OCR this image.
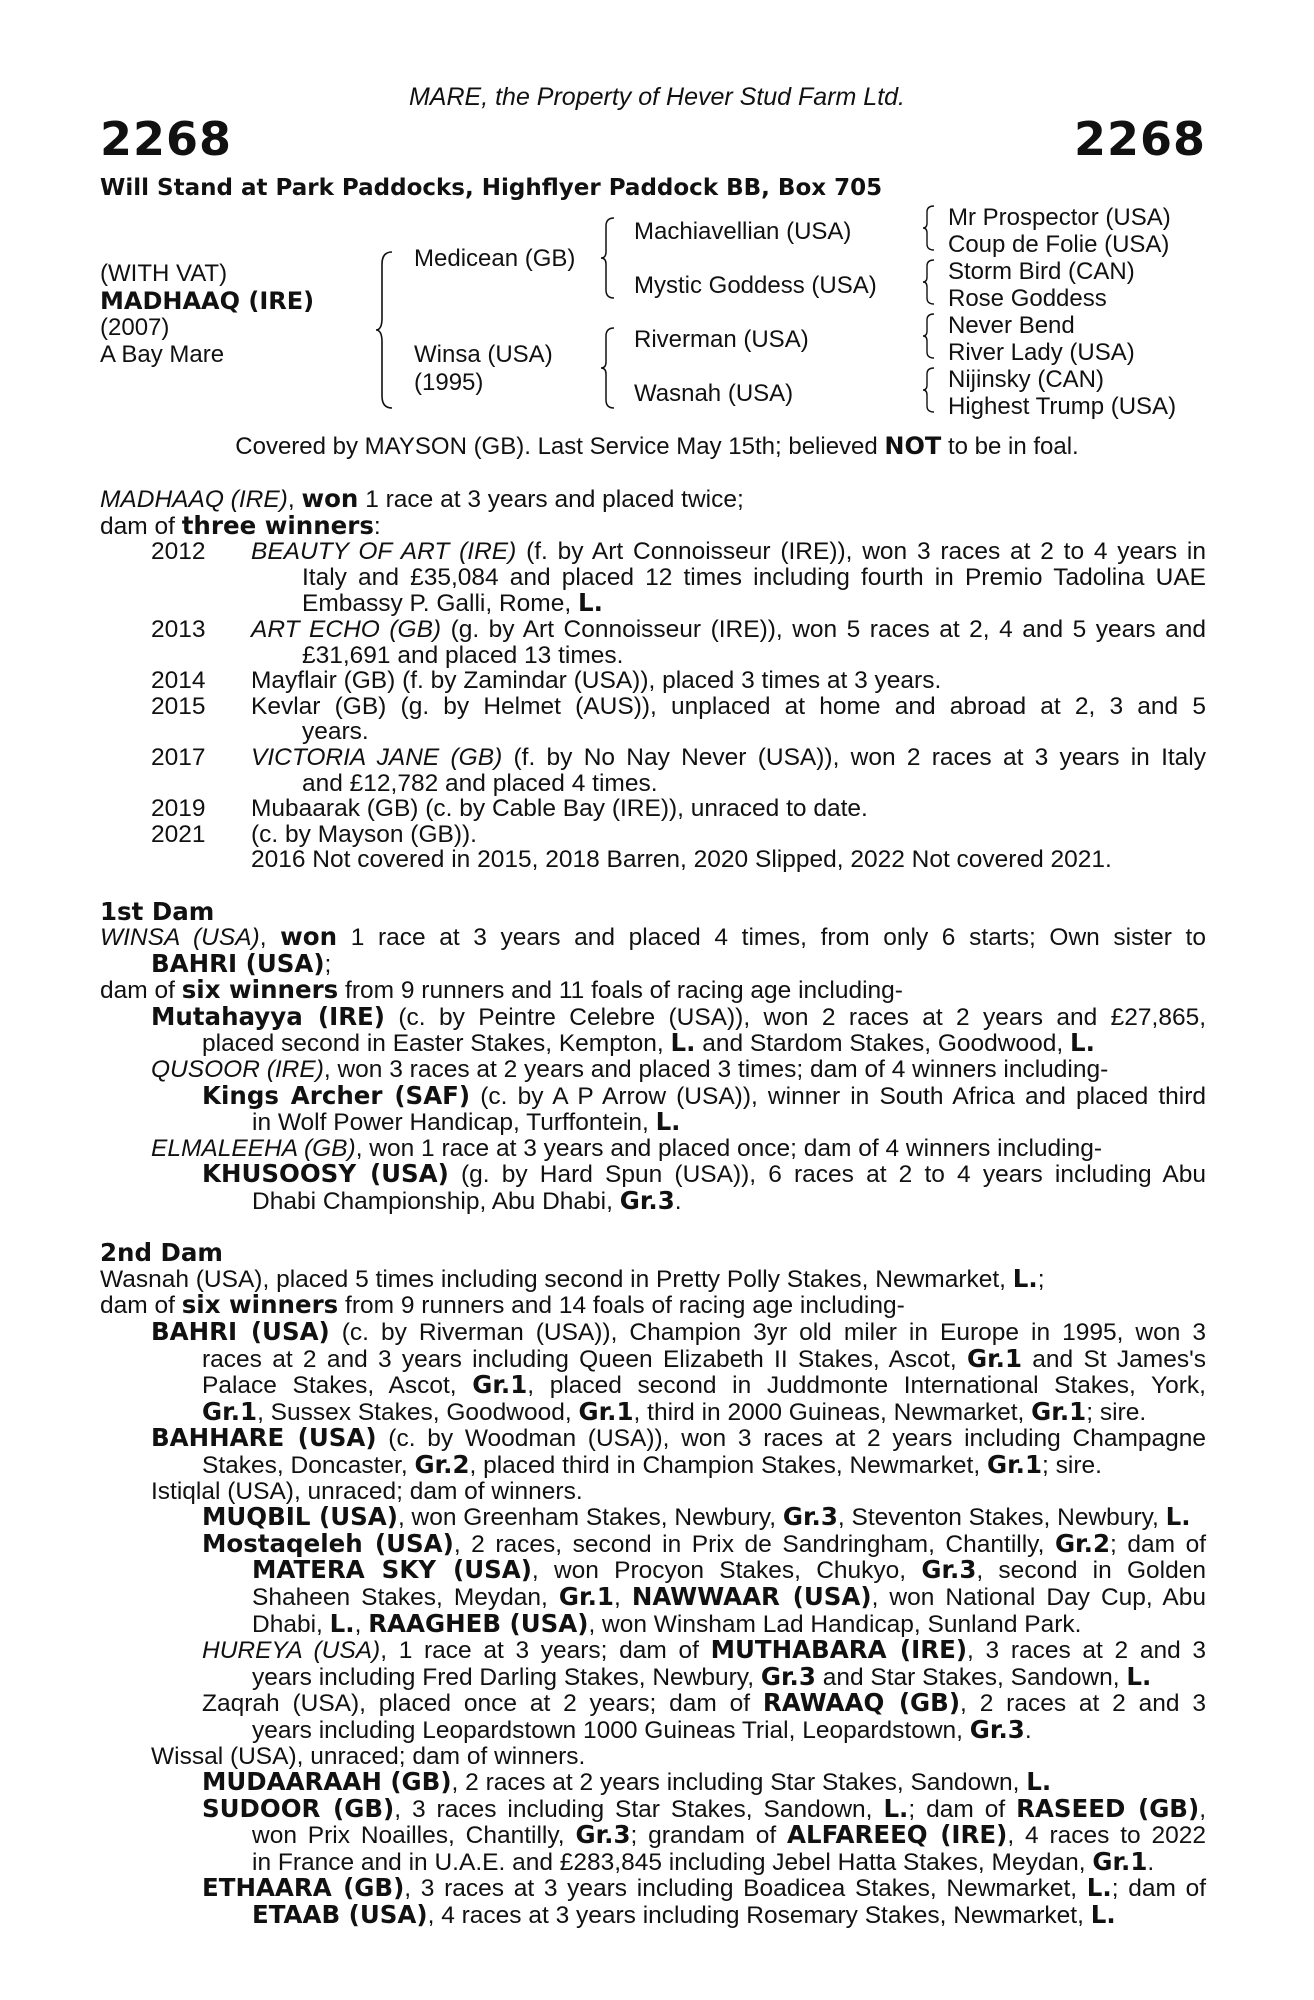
MARE, the Property of Hever Stud Farm Ltd.
2268	2268
Will Stand at Park Paddocks, Highflyer Paddock BB, Box 705
(WITH VAT)
MADHAAQ (IRE)
(2007)
A Bay Mare
Medicean (GB)
Winsa (USA)
(1995)
Machiavellian (USA)
Mystic Goddess (USA)
Riverman (USA)
Wasnah (USA)
Mr Prospector (USA)
Coup de Folie (USA)
Storm Bird (CAN)
Rose Goddess
Never Bend
River Lady (USA)
Nijinsky (CAN)
Highest Trump (USA)
Covered by MAYSON (GB). Last Service May 15th; believed NOT to be in foal.
MADHAAQ (IRE), won 1 race at 3 years and placed twice;
dam of three winners:
2012 BEAUTY OF ART (IRE) (f. by Art Connoisseur (IRE)), won 3 races at 2 to 4 years in
Italy and £35,084 and placed 12 times including fourth in Premio Tadolina UAE
Embassy P. Galli, Rome, L.
2013 ART ECHO (GB) (g. by Art Connoisseur (IRE)), won 5 races at 2, 4 and 5 years and
£31,691 and placed 13 times.
2014 Mayflair (GB) (f. by Zamindar (USA)), placed 3 times at 3 years.
2015 Kevlar (GB) (g. by Helmet (AUS)), unplaced at home and abroad at 2, 3 and 5
years.
2017 VICTORIA JANE (GB) (f. by No Nay Never (USA)), won 2 races at 3 years in Italy
and £12,782 and placed 4 times.
2019 Mubaarak (GB) (c. by Cable Bay (IRE)), unraced to date.
2021 (c. by Mayson (GB)).
2016 Not covered in 2015, 2018 Barren, 2020 Slipped, 2022 Not covered 2021.
1st Dam
WINSA (USA), won 1 race at 3 years and placed 4 times, from only 6 starts; Own sister to
BAHRI (USA);
dam of six winners from 9 runners and 11 foals of racing age including-
Mutahayya (IRE) (c. by Peintre Celebre (USA)), won 2 races at 2 years and £27,865,
placed second in Easter Stakes, Kempton, L. and Stardom Stakes, Goodwood, L.
QUSOOR (IRE), won 3 races at 2 years and placed 3 times; dam of 4 winners including-
Kings Archer (SAF) (c. by A P Arrow (USA)), winner in South Africa and placed third
in Wolf Power Handicap, Turffontein, L.
ELMALEEHA (GB), won 1 race at 3 years and placed once; dam of 4 winners including-
KHUSOOSY (USA) (g. by Hard Spun (USA)), 6 races at 2 to 4 years including Abu
Dhabi Championship, Abu Dhabi, Gr.3.
2nd Dam
Wasnah (USA), placed 5 times including second in Pretty Polly Stakes, Newmarket, L.;
dam of six winners from 9 runners and 14 foals of racing age including-
BAHRI (USA) (c. by Riverman (USA)), Champion 3yr old miler in Europe in 1995, won 3
races at 2 and 3 years including Queen Elizabeth II Stakes, Ascot, Gr.1 and St James's
Palace Stakes, Ascot, Gr.1, placed second in Juddmonte International Stakes, York,
Gr.1, Sussex Stakes, Goodwood, Gr.1, third in 2000 Guineas, Newmarket, Gr.1; sire.
BAHHARE (USA) (c. by Woodman (USA)), won 3 races at 2 years including Champagne
Stakes, Doncaster, Gr.2, placed third in Champion Stakes, Newmarket, Gr.1; sire.
Istiqlal (USA), unraced; dam of winners.
MUQBIL (USA), won Greenham Stakes, Newbury, Gr.3, Steventon Stakes, Newbury, L.
Mostaqeleh (USA), 2 races, second in Prix de Sandringham, Chantilly, Gr.2; dam of
MATERA SKY (USA), won Procyon Stakes, Chukyo, Gr.3, second in Golden
Shaheen Stakes, Meydan, Gr.1, NAWWAAR (USA), won National Day Cup, Abu
Dhabi, L., RAAGHEB (USA), won Winsham Lad Handicap, Sunland Park.
HUREYA (USA), 1 race at 3 years; dam of MUTHABARA (IRE), 3 races at 2 and 3
years including Fred Darling Stakes, Newbury, Gr.3 and Star Stakes, Sandown, L.
Zaqrah (USA), placed once at 2 years; dam of RAWAAQ (GB), 2 races at 2 and 3
years including Leopardstown 1000 Guineas Trial, Leopardstown, Gr.3.
Wissal (USA), unraced; dam of winners.
MUDAARAAH (GB), 2 races at 2 years including Star Stakes, Sandown, L.
SUDOOR (GB), 3 races including Star Stakes, Sandown, L.; dam of RASEED (GB),
won Prix Noailles, Chantilly, Gr.3; grandam of ALFAREEQ (IRE), 4 races to 2022
in France and in U.A.E. and £283,845 including Jebel Hatta Stakes, Meydan, Gr.1.
ETHAARA (GB), 3 races at 3 years including Boadicea Stakes, Newmarket, L.; dam of
ETAAB (USA), 4 races at 3 years including Rosemary Stakes, Newmarket, L.
